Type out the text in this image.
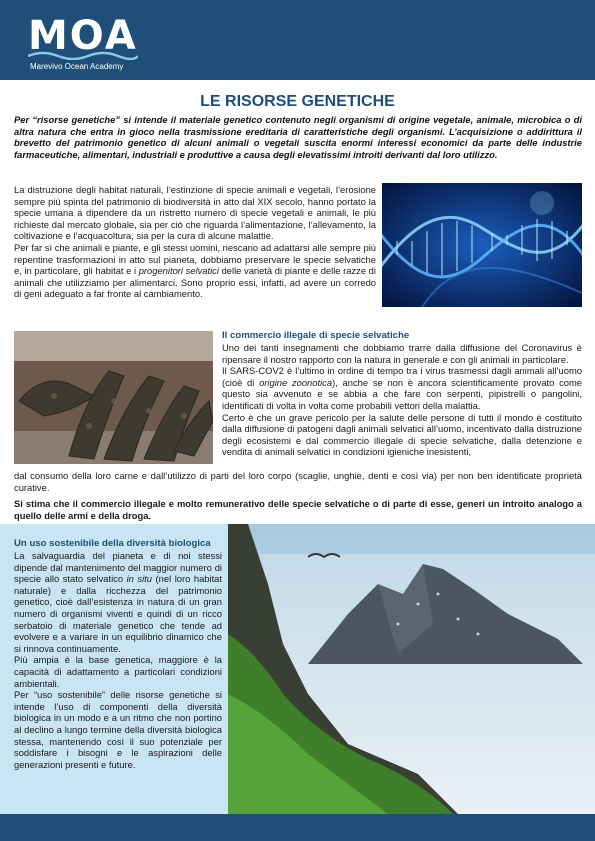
MOA
Marevivo Ocean Academy
LE RISORSE GENETICHE

Per “risorse genetiche” si intende il materiale genetico contenuto negli organismi di origine vegetale, animale, microbica o di altra natura che entra in gioco nella trasmissione ereditaria di caratteristiche degli organismi. L’acquisizione o addirittura il brevetto del patrimonio genetico di alcuni animali o vegetali suscita enormi interessi economici da parte delle industrie farmaceutiche, alimentari, industriali e produttive a causa degli elevatissimi introiti derivanti dal loro utilizzo.

La distruzione degli habitat naturali, l’estinzione di specie animali e vegetali, l’erosione sempre più spinta del patrimonio di biodiversità in atto dal XIX secolo, hanno portato la specie umana a dipendere da un ristretto numero di specie vegetali e animali, le più richieste dal mercato globale, sia per ciò che riguarda l’alimentazione, l’allevamento, la coltivazione e l’acquacoltura, sia per la cura di alcune malattie.

Per far sì che animali e piante, e gli stessi uomini, riescano ad adattarsi alle sempre più repentine trasformazioni in atto sul pianeta, dobbiamo preservare le specie selvatiche e, in particolare, gli habitat e i progenitori selvatici delle varietà di piante e delle razze di animali che utilizziamo per alimentarci. Sono proprio essi, infatti, ad avere un corredo di geni adeguato a far fronte al cambiamento.

Il commercio illegale di specie selvatiche

Uno dei tanti insegnamenti che dobbiamo trarre dalla diffusione del Coronavirus è ripensare il nostro rapporto con la natura in generale e con gli animali in particolare.

Il SARS-COV2 è l’ultimo in ordine di tempo tra i virus trasmessi dagli animali all’uomo (cioè di origine zoonotica), anche se non è ancora scientificamente provato come questo sia avvenuto e se abbia a che fare con serpenti, pipistrelli o pangolini, identificati di volta in volta come probabili vettori della malattia.

Certo è che un grave pericolo per la salute delle persone di tutti il mondo è costituito dalla diffusione di patogeni dagli animali selvatici all’uomo, incentivato dalla distruzione degli ecosistemi e dal commercio illegale di specie selvatiche, dalla detenzione e vendita di animali selvatici in condizioni igieniche inesistenti,

dal consumo della loro carne e dall’utilizzo di parti del loro corpo (scaglie, unghie, denti e così via) per non ben identificate proprietà curative.

Si stima che il commercio illegale e molto remunerativo delle specie selvatiche o di parte di esse, generi un introito analogo a quello delle armi e della droga.

Un uso sostenibile della diversità biologica

La salvaguardia del pianeta e di noi stessi dipende dal mantenimento del maggior numero di specie allo stato selvatico in situ (nel loro habitat naturale) e dalla ricchezza del patrimonio genetico, cioè dall’esistenza in natura di un gran numero di organismi viventi e quindi di un ricco serbatoio di materiale genetico che tende ad evolvere e a variare in un equilibrio dinamico che si rinnova continuamente.

Più ampia è la base genetica, maggiore è la capacità di adattamento a particolari condizioni ambientali.

Per “uso sostenibile” delle risorse genetiche si intende l’uso di componenti della diversità biologica in un modo e a un ritmo che non portino al declino a lungo termine della diversità biologica stessa, mantenendo così il suo potenziale per soddisfare i bisogni e le aspirazioni delle generazioni presenti e future.
